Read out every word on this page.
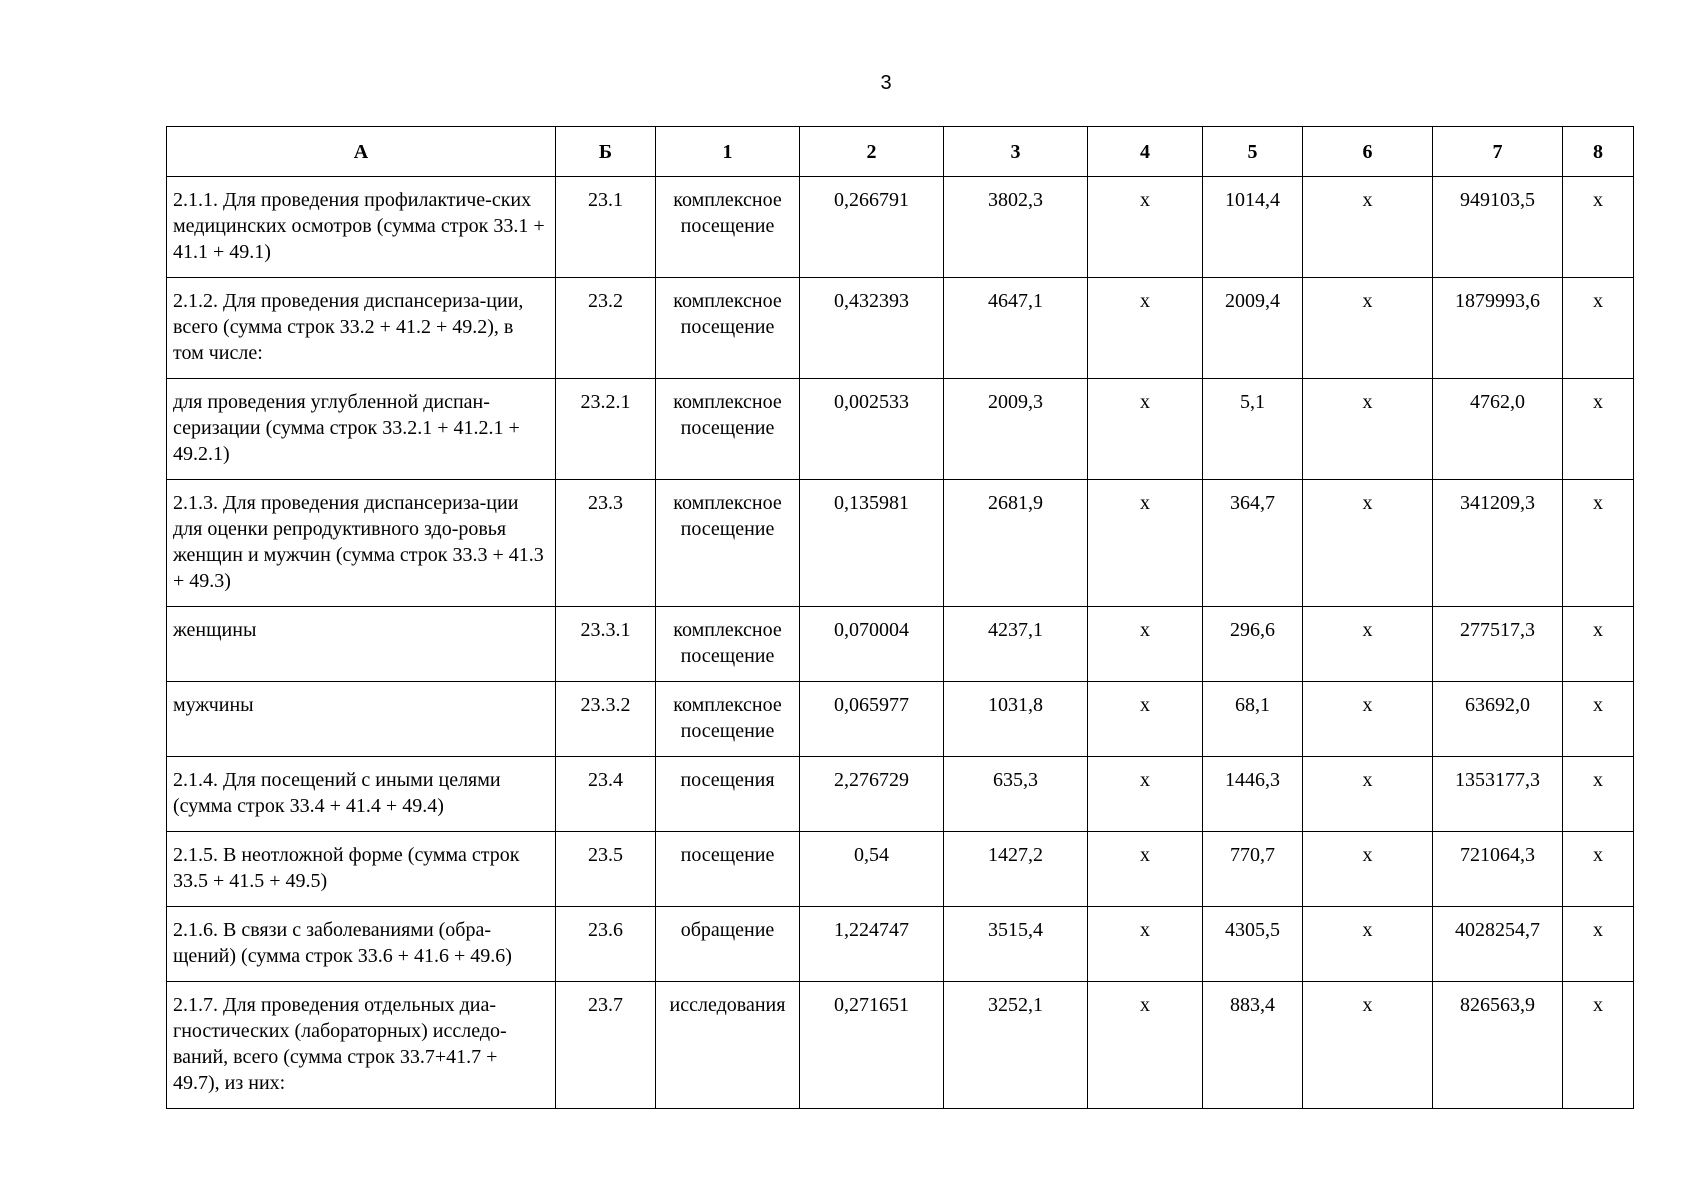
3
А	Б	1	2	3	4	5	6	7	8
2.1.1. Для проведения профилактиче-ских медицинских осмотров (сумма строк 33.1 + 41.1 + 49.1)	23.1	комплексное посещение	0,266791	3802,3	х	1014,4	х	949103,5	х
2.1.2. Для проведения диспансериза-ции, всего (сумма строк 33.2 + 41.2 + 49.2), в том числе:	23.2	комплексное посещение	0,432393	4647,1	х	2009,4	х	1879993,6	х
для проведения углубленной диспан-серизации (сумма строк 33.2.1 + 41.2.1 + 49.2.1)	23.2.1	комплексное посещение	0,002533	2009,3	х	5,1	х	4762,0	х
2.1.3. Для проведения диспансериза-ции для оценки репродуктивного здо-ровья женщин и мужчин (сумма строк 33.3 + 41.3 + 49.3)	23.3	комплексное посещение	0,135981	2681,9	х	364,7	х	341209,3	х
женщины	23.3.1	комплексное посещение	0,070004	4237,1	х	296,6	х	277517,3	х
мужчины	23.3.2	комплексное посещение	0,065977	1031,8	х	68,1	х	63692,0	х
2.1.4. Для посещений с иными целями (сумма строк 33.4 + 41.4 + 49.4)	23.4	посещения	2,276729	635,3	х	1446,3	х	1353177,3	х
2.1.5. В неотложной форме (сумма строк 33.5 + 41.5 + 49.5)	23.5	посещение	0,54	1427,2	х	770,7	х	721064,3	х
2.1.6. В связи с заболеваниями (обра-щений) (сумма строк 33.6 + 41.6 + 49.6)	23.6	обращение	1,224747	3515,4	х	4305,5	х	4028254,7	х
2.1.7. Для проведения отдельных диа-гностических (лабораторных) исследо-ваний, всего (сумма строк 33.7+41.7 + 49.7), из них:	23.7	исследования	0,271651	3252,1	х	883,4	х	826563,9	х
